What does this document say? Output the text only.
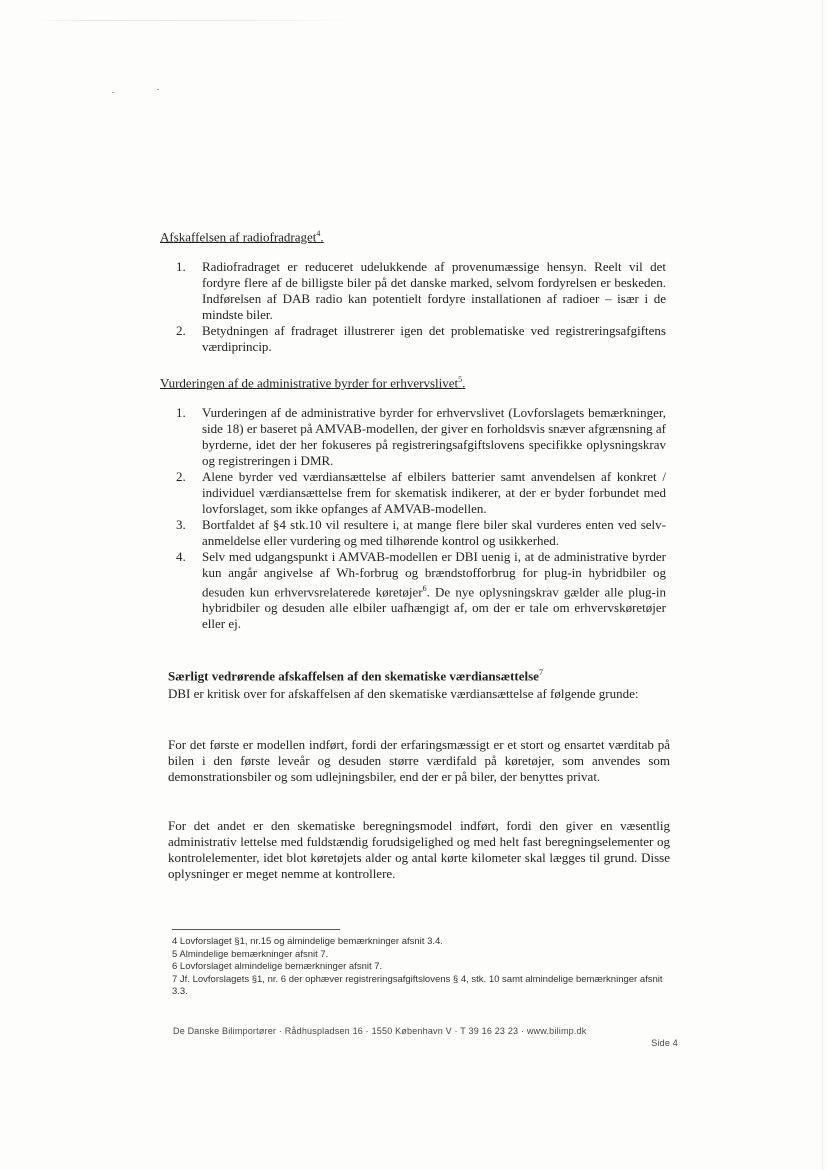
Afskaffelsen af radiofradraget$^4$.
1. Radiofradraget er reduceret udelukkende af provenumæssige hensyn. Reelt vil det fordyre flere af de billigste biler på det danske marked, selvom fordyrelsen er beskeden. Indførelsen af DAB radio kan potentielt fordyre installationen af radioer – især i de mindste biler.
2. Betydningen af fradraget illustrerer igen det problematiske ved registreringsafgiftens værdiprincip.
Vurderingen af de administrative byrder for erhvervslivet$^5$.
1. Vurderingen af de administrative byrder for erhvervslivet (Lovforslagets bemærkninger, side 18) er baseret på AMVAB-modellen, der giver en forholdsvis snæver afgrænsning af byrderne, idet der her fokuseres på registreringsafgiftslovens specifikke oplysningskrav og registreringen i DMR.
2. Alene byrder ved værdiansættelse af elbilers batterier samt anvendelsen af konkret / individuel værdiansættelse frem for skematisk indikerer, at der er byder forbundet med lovforslaget, som ikke opfanges af AMVAB-modellen.
3. Bortfaldet af §4 stk.10 vil resultere i, at mange flere biler skal vurderes enten ved selv-anmeldelse eller vurdering og med tilhørende kontrol og usikkerhed.
4. Selv med udgangspunkt i AMVAB-modellen er DBI uenig i, at de administrative byrder kun angår angivelse af Wh-forbrug og brændstofforbrug for plug-in hybridbiler og desuden kun erhvervsrelaterede køretøjer$^6$. De nye oplysningskrav gælder alle plug-in hybridbiler og desuden alle elbiler uafhængigt af, om der er tale om erhvervskøretøjer eller ej.
Særligt vedrørende afskaffelsen af den skematiske værdiansættelse$^7$

DBI er kritisk over for afskaffelsen af den skematiske værdiansættelse af følgende grunde:

For det første er modellen indført, fordi der erfaringsmæssigt er et stort og ensartet værditab på bilen i den første leveår og desuden større værdifald på køretøjer, som anvendes som demonstrationsbiler og som udlejningsbiler, end der er på biler, der benyttes privat.

For det andet er den skematiske beregningsmodel indført, fordi den giver en væsentlig administrativ lettelse med fuldstændig forudsigelighed og med helt fast beregningselementer og kontrolelementer, idet blot køretøjets alder og antal kørte kilometer skal lægges til grund. Disse oplysninger er meget nemme at kontrollere.

4 Lovforslaget §1, nr.15 og almindelige bemærkninger afsnit 3.4.
5 Almindelige bemærkninger afsnit 7.
6 Lovforslaget almindelige bemærkninger afsnit 7.
7 Jf. Lovforslagets §1, nr. 6 der ophæver registreringsafgiftslovens § 4, stk. 10 samt almindelige bemærkninger afsnit 3.3.
De Danske Bilimportører · Rådhuspladsen 16 · 1550 København V · T 39 16 23 23 · www.bilimp.dk
Side 4
